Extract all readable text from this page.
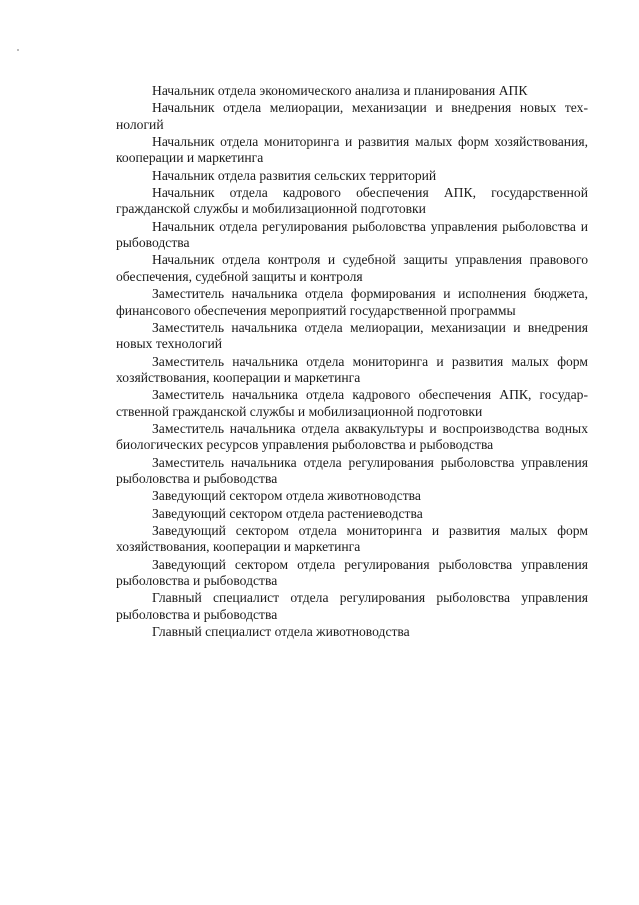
Начальник отдела экономического анализа и планирования АПК

Начальник отдела мелиорации, механизации и внедрения новых технологий

Начальник отдела мониторинга и развития малых форм хозяйствования, кооперации и маркетинга

Начальник отдела развития сельских территорий

Начальник отдела кадрового обеспечения АПК, государственной гражданской службы и мобилизационной подготовки

Начальник отдела регулирования рыболовства управления рыболовства и рыбоводства

Начальник отдела контроля и судебной защиты управления правового обеспечения, судебной защиты и контроля

Заместитель начальника отдела формирования и исполнения бюджета, финансового обеспечения мероприятий государственной программы

Заместитель начальника отдела мелиорации, механизации и внедрения новых технологий

Заместитель начальника отдела мониторинга и развития малых форм хозяйствования, кооперации и маркетинга

Заместитель начальника отдела кадрового обеспечения АПК, государственной гражданской службы и мобилизационной подготовки

Заместитель начальника отдела аквакультуры и воспроизводства водных биологических ресурсов управления рыболовства и рыбоводства

Заместитель начальника отдела регулирования рыболовства управления рыболовства и рыбоводства

Заведующий сектором отдела животноводства

Заведующий сектором отдела растениеводства

Заведующий сектором отдела мониторинга и развития малых форм хозяйствования, кооперации и маркетинга

Заведующий сектором отдела регулирования рыболовства управления рыболовства и рыбоводства

Главный специалист отдела регулирования рыболовства управления рыболовства и рыбоводства

Главный специалист отдела животноводства
